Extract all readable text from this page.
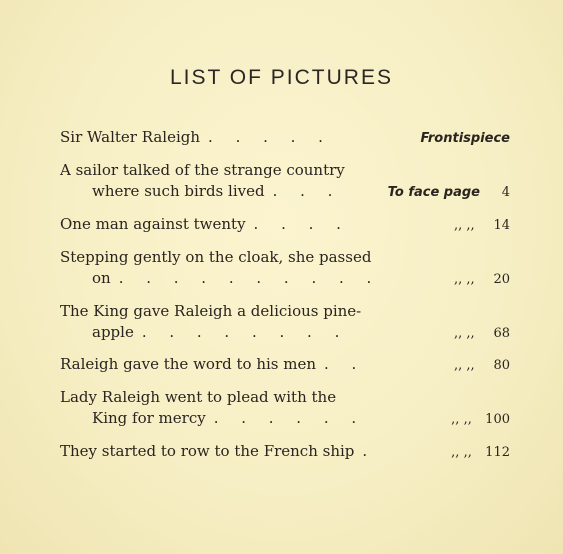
LIST OF PICTURES
Sir Walter Raleigh . . . . .	Frontispiece
A sailor talked of the strange country
where such birds lived . . .	To face page 4
One man against twenty . . . .	,, ,, 14
Stepping gently on the cloak, she passed
on . . . . . . . . . .	,, ,, 20
The King gave Raleigh a delicious pine-
apple . . . . . . . .	,, ,, 68
Raleigh gave the word to his men . .	,, ,, 80
Lady Raleigh went to plead with the
King for mercy . . . . . .	,, ,, 100
They started to row to the French ship .	,, ,, 112
